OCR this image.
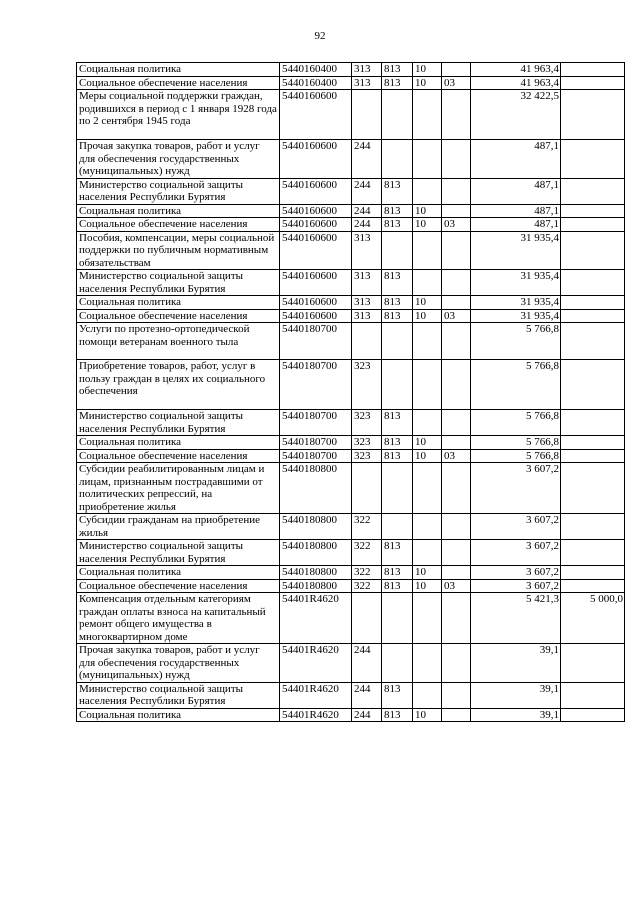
92
Социальная политика	5440160400	313	813	10		41 963,4	
Социальное обеспечение населения	5440160400	313	813	10	03	41 963,4	
Меры социальной поддержки граждан, родившихся в период с 1 января 1928 года по 2 сентября 1945 года	5440160600					32 422,5	
Прочая закупка товаров, работ и услуг для обеспечения государственных (муниципальных) нужд	5440160600	244				487,1	
Министерство социальной защиты населения Республики Бурятия	5440160600	244	813			487,1	
Социальная политика	5440160600	244	813	10		487,1	
Социальное обеспечение населения	5440160600	244	813	10	03	487,1	
Пособия, компенсации, меры социальной поддержки по публичным нормативным обязательствам	5440160600	313				31 935,4	
Министерство социальной защиты населения Республики Бурятия	5440160600	313	813			31 935,4	
Социальная политика	5440160600	313	813	10		31 935,4	
Социальное обеспечение населения	5440160600	313	813	10	03	31 935,4	
Услуги по протезно-ортопедической помощи ветеранам военного тыла	5440180700					5 766,8	
Приобретение товаров, работ, услуг в пользу граждан в целях их социального обеспечения	5440180700	323				5 766,8	
Министерство социальной защиты населения Республики Бурятия	5440180700	323	813			5 766,8	
Социальная политика	5440180700	323	813	10		5 766,8	
Социальное обеспечение населения	5440180700	323	813	10	03	5 766,8	
Субсидии реабилитированным лицам и лицам, признанным пострадавшими от политических репрессий, на приобретение жилья	5440180800					3 607,2	
Субсидии гражданам на приобретение жилья	5440180800	322				3 607,2	
Министерство социальной защиты населения Республики Бурятия	5440180800	322	813			3 607,2	
Социальная политика	5440180800	322	813	10		3 607,2	
Социальное обеспечение населения	5440180800	322	813	10	03	3 607,2	
Компенсация отдельным категориям граждан оплаты взноса на капитальный ремонт общего имущества в многоквартирном доме	54401R4620					5 421,3	5 000,0
Прочая закупка товаров, работ и услуг для обеспечения государственных (муниципальных) нужд	54401R4620	244				39,1	
Министерство социальной защиты населения Республики Бурятия	54401R4620	244	813			39,1	
Социальная политика	54401R4620	244	813	10		39,1	
